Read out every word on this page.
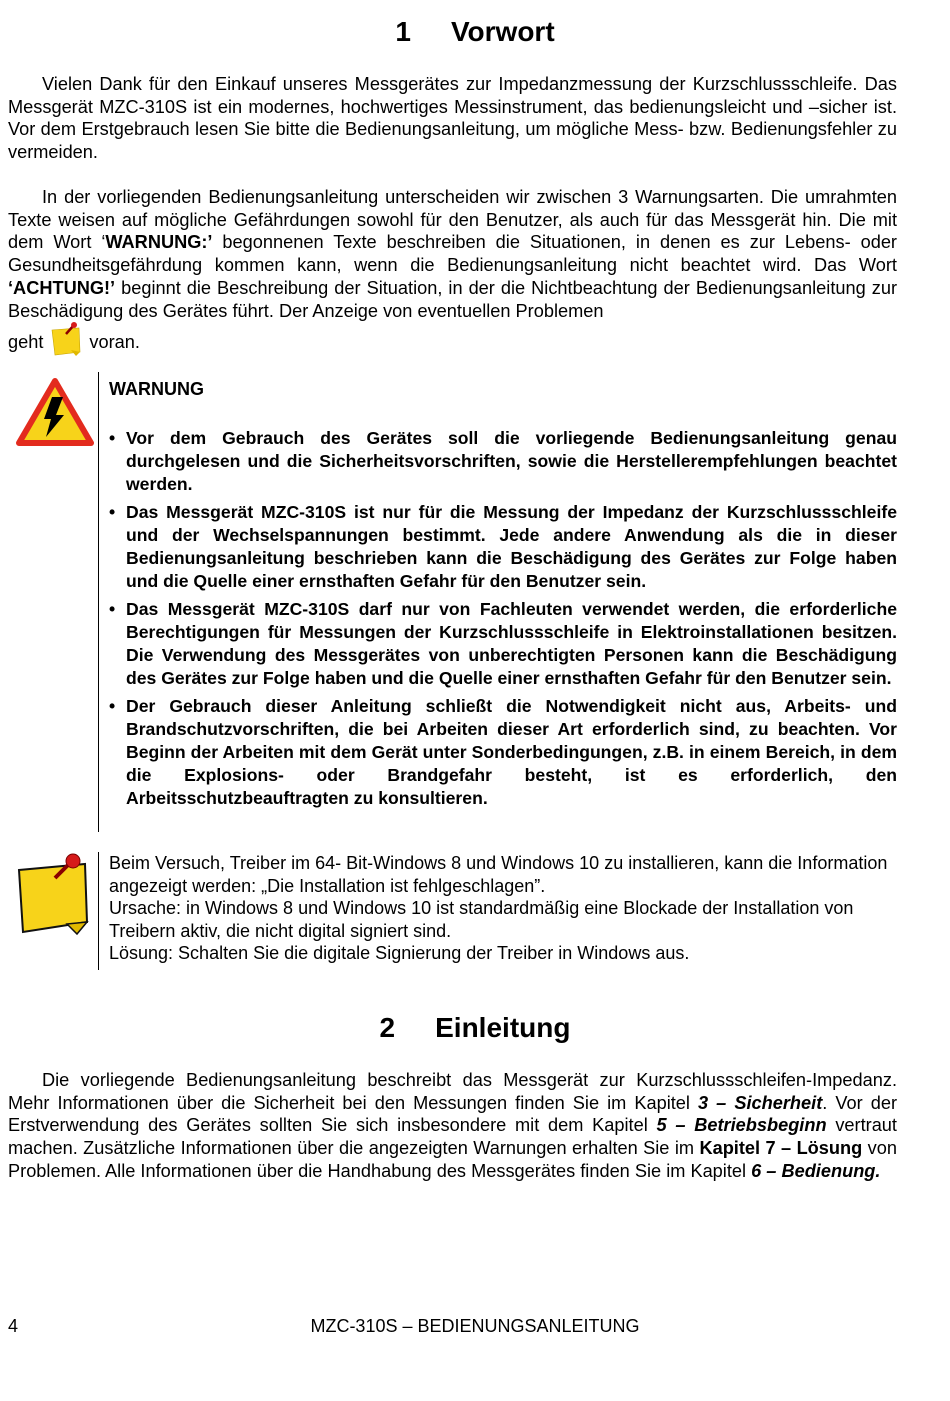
1 Vorwort

Vielen Dank für den Einkauf unseres Messgerätes zur Impedanzmessung der Kurzschlussschleife. Das Messgerät MZC-310S ist ein modernes, hochwertiges Messinstrument, das bedienungsleicht und –sicher ist. Vor dem Erstgebrauch lesen Sie bitte die Bedienungsanleitung, um mögliche Mess- bzw. Bedienungsfehler zu vermeiden.

In der vorliegenden Bedienungsanleitung unterscheiden wir zwischen 3 Warnungsarten. Die umrahmten Texte weisen auf mögliche Gefährdungen sowohl für den Benutzer, als auch für das Messgerät hin. Die mit dem Wort ‘WARNUNG:’ begonnenen Texte beschreiben die Situationen, in denen es zur Lebens- oder Gesundheitsgefährdung kommen kann, wenn die Bedienungsanleitung nicht beachtet wird. Das Wort ‘ACHTUNG!’ beginnt die Beschreibung der Situation, in der die Nichtbeachtung der Bedienungsanleitung zur Beschädigung des Gerätes führt. Der Anzeige von eventuellen Problemen

geht	voran.

WARNUNG

• Vor dem Gebrauch des Gerätes soll die vorliegende Bedienungsanleitung genau durchgelesen und die Sicherheitsvorschriften, sowie die Herstellerempfehlungen beachtet werden.
• Das Messgerät MZC-310S ist nur für die Messung der Impedanz der Kurzschlussschleife und der Wechselspannungen bestimmt. Jede andere Anwendung als die in dieser Bedienungsanleitung beschrieben kann die Beschädigung des Gerätes zur Folge haben und die Quelle einer ernsthaften Gefahr für den Benutzer sein.
• Das Messgerät MZC-310S darf nur von Fachleuten verwendet werden, die erforderliche Berechtigungen für Messungen der Kurzschlussschleife in Elektroinstallationen besitzen. Die Verwendung des Messgerätes von unberechtigten Personen kann die Beschädigung des Gerätes zur Folge haben und die Quelle einer ernsthaften Gefahr für den Benutzer sein.
• Der Gebrauch dieser Anleitung schließt die Notwendigkeit nicht aus, Arbeits- und Brandschutzvorschriften, die bei Arbeiten dieser Art erforderlich sind, zu beachten. Vor Beginn der Arbeiten mit dem Gerät unter Sonderbedingungen, z.B. in einem Bereich, in dem die Explosions- oder Brandgefahr besteht, ist es erforderlich, den Arbeitsschutzbeauftragten zu konsultieren.

Beim Versuch, Treiber im 64- Bit-Windows 8 und Windows 10 zu installieren, kann die Information angezeigt werden: „Die Installation ist fehlgeschlagen”.

Ursache: in Windows 8 und Windows 10 ist standardmäßig eine Blockade der Installation von Treibern aktiv, die nicht digital signiert sind.

Lösung: Schalten Sie die digitale Signierung der Treiber in Windows aus.

2 Einleitung

Die vorliegende Bedienungsanleitung beschreibt das Messgerät zur Kurzschlussschleifen-Impedanz. Mehr Informationen über die Sicherheit bei den Messungen finden Sie im Kapitel 3 – Sicherheit. Vor der Erstverwendung des Gerätes sollten Sie sich insbesondere mit dem Kapitel 5 – Betriebsbeginn vertraut machen. Zusätzliche Informationen über die angezeigten Warnungen erhalten Sie im Kapitel 7 – Lösung von Problemen. Alle Informationen über die Handhabung des Messgerätes finden Sie im Kapitel 6 – Bedienung.

4	MZC-310S – BEDIENUNGSANLEITUNG
